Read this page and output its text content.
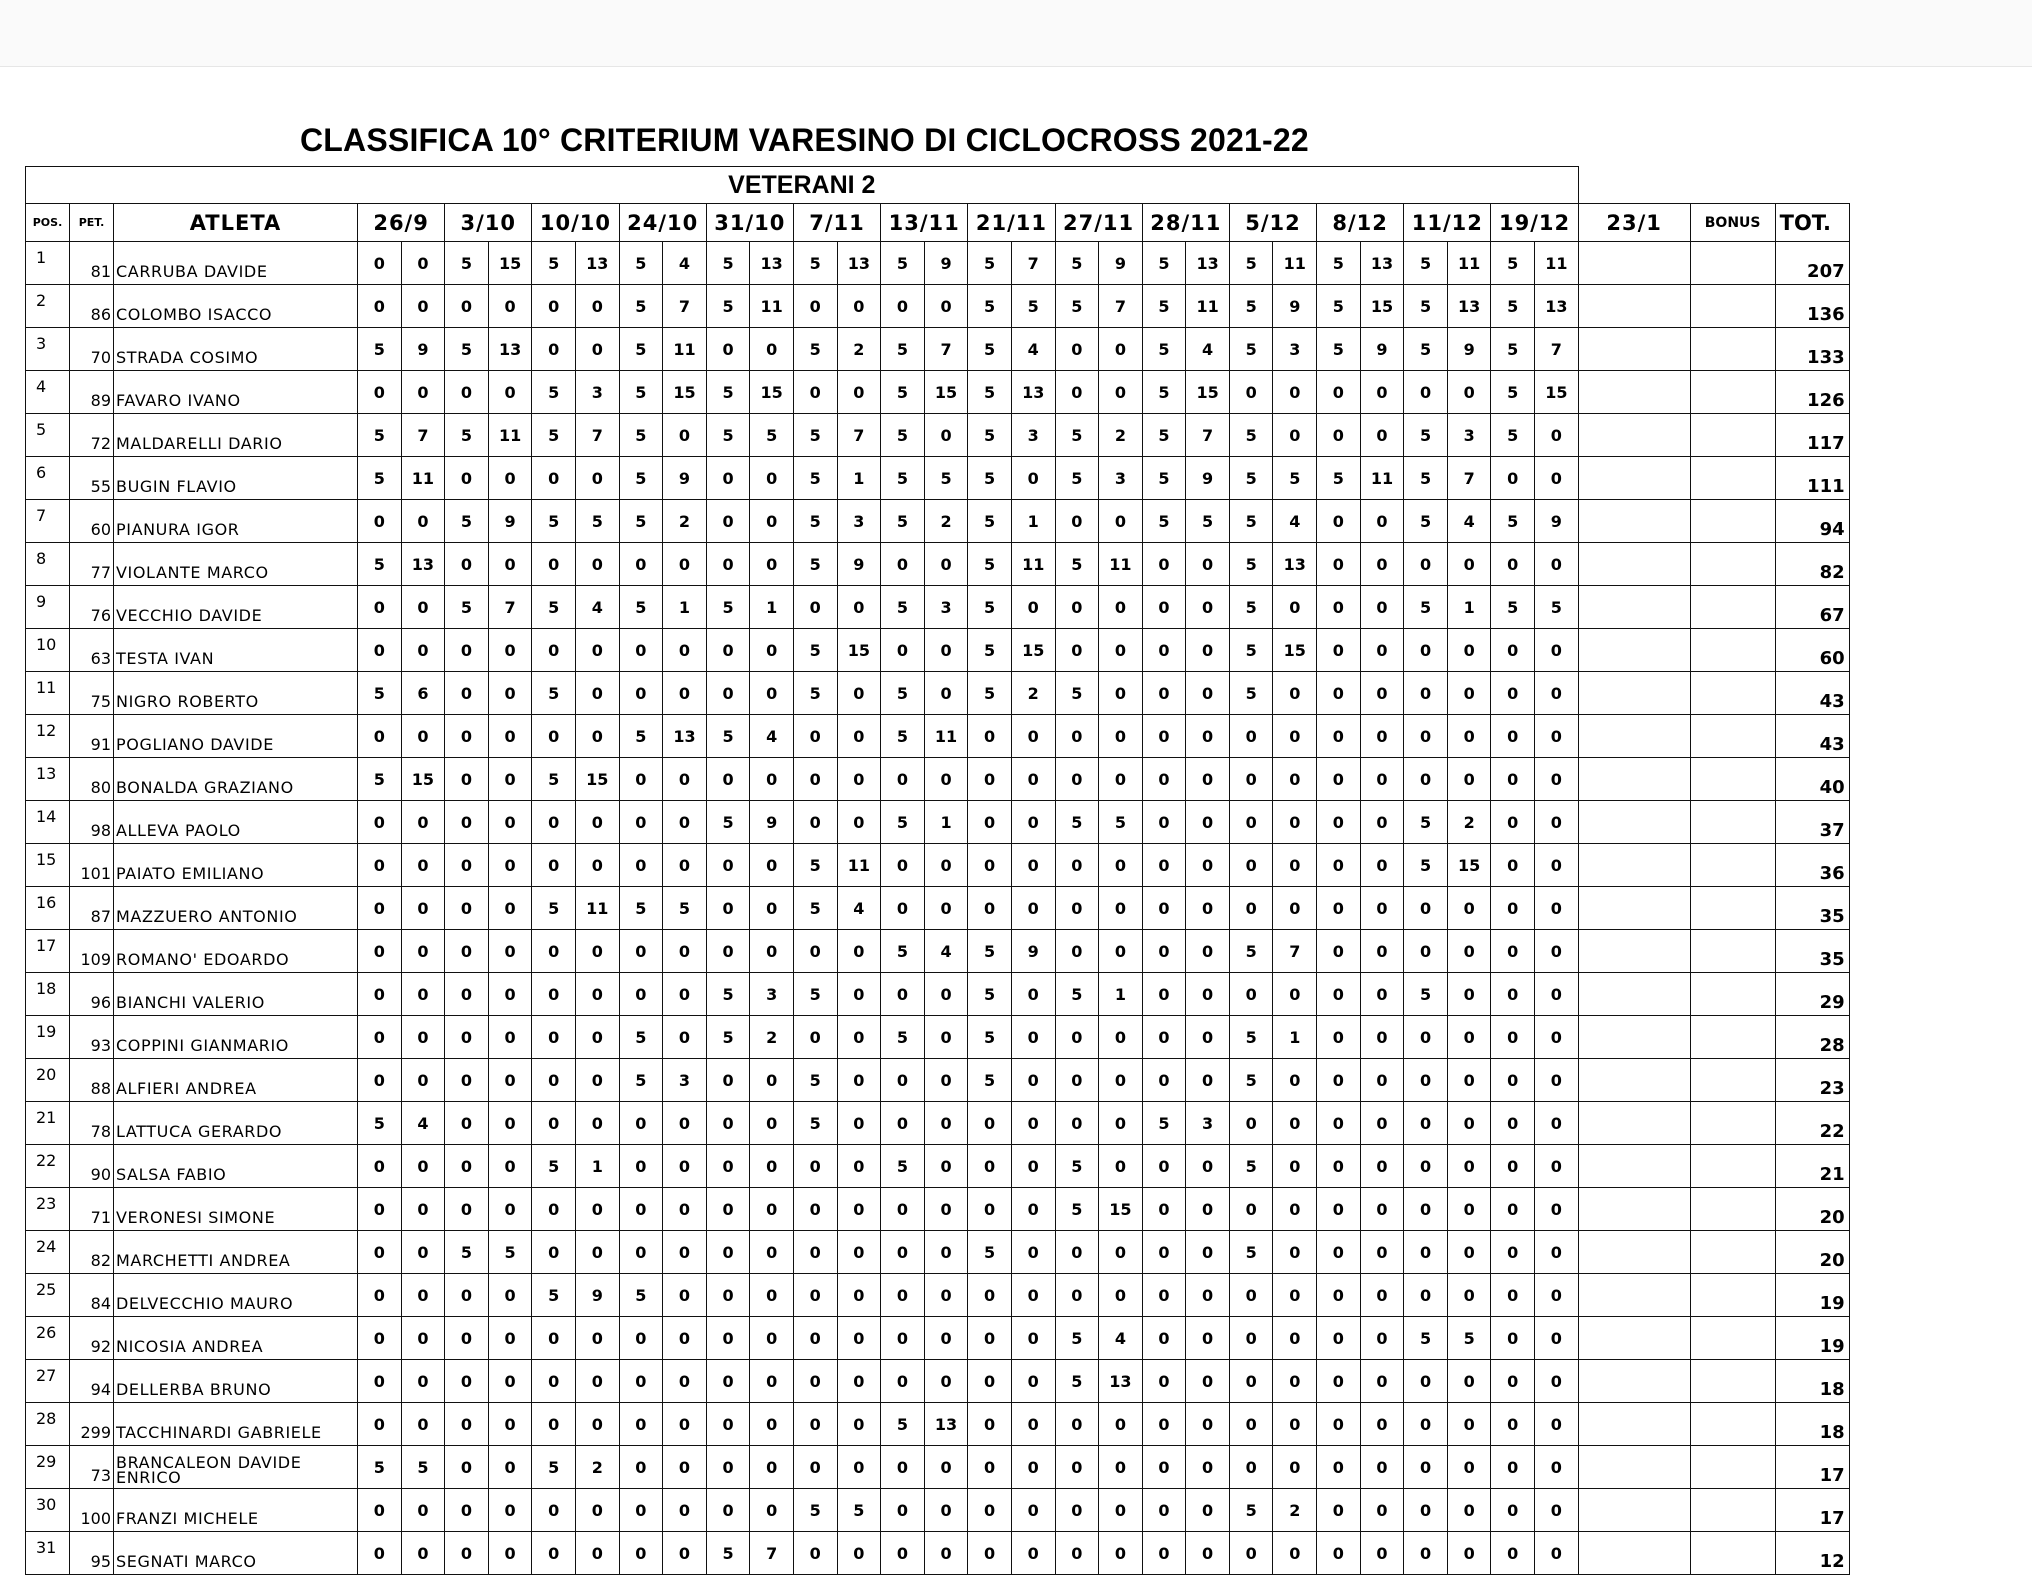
CLASSIFICA 10° CRITERIUM VARESINO DI CICLOCROSS 2021-22
VETERANI 2																																	
POS.	PET.	ATLETA	26/9		3/10		10/10		24/10		31/10		7/11		13/11		21/11		27/11		28/11		5/12		8/12		11/12		19/12		23/1	BONUS	TOT.
1	81	CARRUBA DAVIDE	0	0	5	15	5	13	5	4	5	13	5	13	5	9	5	7	5	9	5	13	5	11	5	13	5	11	5	11			207
2	86	COLOMBO ISACCO	0	0	0	0	0	0	5	7	5	11	0	0	0	0	5	5	5	7	5	11	5	9	5	15	5	13	5	13			136
3	70	STRADA COSIMO	5	9	5	13	0	0	5	11	0	0	5	2	5	7	5	4	0	0	5	4	5	3	5	9	5	9	5	7			133
4	89	FAVARO IVANO	0	0	0	0	5	3	5	15	5	15	0	0	5	15	5	13	0	0	5	15	0	0	0	0	0	0	5	15			126
5	72	MALDARELLI DARIO	5	7	5	11	5	7	5	0	5	5	5	7	5	0	5	3	5	2	5	7	5	0	0	0	5	3	5	0			117
6	55	BUGIN FLAVIO	5	11	0	0	0	0	5	9	0	0	5	1	5	5	5	0	5	3	5	9	5	5	5	11	5	7	0	0			111
7	60	PIANURA IGOR	0	0	5	9	5	5	5	2	0	0	5	3	5	2	5	1	0	0	5	5	5	4	0	0	5	4	5	9			94
8	77	VIOLANTE MARCO	5	13	0	0	0	0	0	0	0	0	5	9	0	0	5	11	5	11	0	0	5	13	0	0	0	0	0	0			82
9	76	VECCHIO DAVIDE	0	0	5	7	5	4	5	1	5	1	0	0	5	3	5	0	0	0	0	0	5	0	0	0	5	1	5	5			67
10	63	TESTA IVAN	0	0	0	0	0	0	0	0	0	0	5	15	0	0	5	15	0	0	0	0	5	15	0	0	0	0	0	0			60
11	75	NIGRO ROBERTO	5	6	0	0	5	0	0	0	0	0	5	0	5	0	5	2	5	0	0	0	5	0	0	0	0	0	0	0			43
12	91	POGLIANO DAVIDE	0	0	0	0	0	0	5	13	5	4	0	0	5	11	0	0	0	0	0	0	0	0	0	0	0	0	0	0			43
13	80	BONALDA GRAZIANO	5	15	0	0	5	15	0	0	0	0	0	0	0	0	0	0	0	0	0	0	0	0	0	0	0	0	0	0			40
14	98	ALLEVA PAOLO	0	0	0	0	0	0	0	0	5	9	0	0	5	1	0	0	5	5	0	0	0	0	0	0	5	2	0	0			37
15	101	PAIATO EMILIANO	0	0	0	0	0	0	0	0	0	0	5	11	0	0	0	0	0	0	0	0	0	0	0	0	5	15	0	0			36
16	87	MAZZUERO ANTONIO	0	0	0	0	5	11	5	5	0	0	5	4	0	0	0	0	0	0	0	0	0	0	0	0	0	0	0	0			35
17	109	ROMANO' EDOARDO	0	0	0	0	0	0	0	0	0	0	0	0	5	4	5	9	0	0	0	0	5	7	0	0	0	0	0	0			35
18	96	BIANCHI VALERIO	0	0	0	0	0	0	0	0	5	3	5	0	0	0	5	0	5	1	0	0	0	0	0	0	5	0	0	0			29
19	93	COPPINI GIANMARIO	0	0	0	0	0	0	5	0	5	2	0	0	5	0	5	0	0	0	0	0	5	1	0	0	0	0	0	0			28
20	88	ALFIERI ANDREA	0	0	0	0	0	0	5	3	0	0	5	0	0	0	5	0	0	0	0	0	5	0	0	0	0	0	0	0			23
21	78	LATTUCA GERARDO	5	4	0	0	0	0	0	0	0	0	5	0	0	0	0	0	0	0	5	3	0	0	0	0	0	0	0	0			22
22	90	SALSA FABIO	0	0	0	0	5	1	0	0	0	0	0	0	5	0	0	0	5	0	0	0	5	0	0	0	0	0	0	0			21
23	71	VERONESI SIMONE	0	0	0	0	0	0	0	0	0	0	0	0	0	0	0	0	5	15	0	0	0	0	0	0	0	0	0	0			20
24	82	MARCHETTI ANDREA	0	0	5	5	0	0	0	0	0	0	0	0	0	0	5	0	0	0	0	0	5	0	0	0	0	0	0	0			20
25	84	DELVECCHIO MAURO	0	0	0	0	5	9	5	0	0	0	0	0	0	0	0	0	0	0	0	0	0	0	0	0	0	0	0	0			19
26	92	NICOSIA ANDREA	0	0	0	0	0	0	0	0	0	0	0	0	0	0	0	0	5	4	0	0	0	0	0	0	5	5	0	0			19
27	94	DELLERBA BRUNO	0	0	0	0	0	0	0	0	0	0	0	0	0	0	0	0	5	13	0	0	0	0	0	0	0	0	0	0			18
28	299	TACCHINARDI GABRIELE	0	0	0	0	0	0	0	0	0	0	0	0	5	13	0	0	0	0	0	0	0	0	0	0	0	0	0	0			18
29	73	BRANCALEON DAVIDE ENRICO	5	5	0	0	5	2	0	0	0	0	0	0	0	0	0	0	0	0	0	0	0	0	0	0	0	0	0	0			17
30	100	FRANZI MICHELE	0	0	0	0	0	0	0	0	0	0	5	5	0	0	0	0	0	0	0	0	5	2	0	0	0	0	0	0			17
31	95	SEGNATI MARCO	0	0	0	0	0	0	0	0	5	7	0	0	0	0	0	0	0	0	0	0	0	0	0	0	0	0	0	0			12
